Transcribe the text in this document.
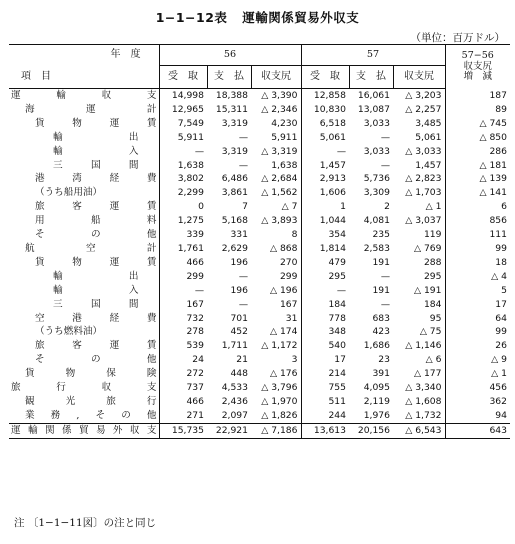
1−1−12表 運輸関係貿易外収支
（単位：百万ドル）
年　度	56			57			57−56
収支尻
増　減

項　目	受　取	支　払	収支尻	受　取	支　払	収支尻	

運輸収支	14,998	18,388	△ 3,390	12,858	16,061	△ 3,203	187

海運計	12,965	15,311	△ 2,346	10,830	13,087	△ 2,257	89

貨物運賃	7,549	3,319	4,230	6,518	3,033	3,485	△ 745

輸出	5,911	—	5,911	5,061	—	5,061	△ 850

輸入	—	3,319	△ 3,319	—	3,033	△ 3,033	286

三国間	1,638	—	1,638	1,457	—	1,457	△ 181

港湾経費	3,802	6,486	△ 2,684	2,913	5,736	△ 2,823	△ 139

（うち船用油）	2,299	3,861	△ 1,562	1,606	3,309	△ 1,703	△ 141

旅客運賃	0	7	△ 7	1	2	△ 1	6

用船料	1,275	5,168	△ 3,893	1,044	4,081	△ 3,037	856

その他	339	331	8	354	235	119	111

航空計	1,761	2,629	△ 868	1,814	2,583	△ 769	99

貨物運賃	466	196	270	479	191	288	18

輸出	299	—	299	295	—	295	△ 4

輸入	—	196	△ 196	—	191	△ 191	5

三国間	167	—	167	184	—	184	17

空港経費	732	701	31	778	683	95	64

（うち燃料油）	278	452	△ 174	348	423	△ 75	99

旅客運賃	539	1,711	△ 1,172	540	1,686	△ 1,146	26

その他	24	21	3	17	23	△ 6	△ 9

貨物保険	272	448	△ 176	214	391	△ 177	△ 1

旅行収支	737	4,533	△ 3,796	755	4,095	△ 3,340	456

観光旅行	466	2,436	△ 1,970	511	2,119	△ 1,608	362

業務,その他	271	2,097	△ 1,826	244	1,976	△ 1,732	94

運輸関係貿易外収支	15,735	22,921	△ 7,186	13,613	20,156	△ 6,543	643
注 〔1−1−11図〕の注と同じ
